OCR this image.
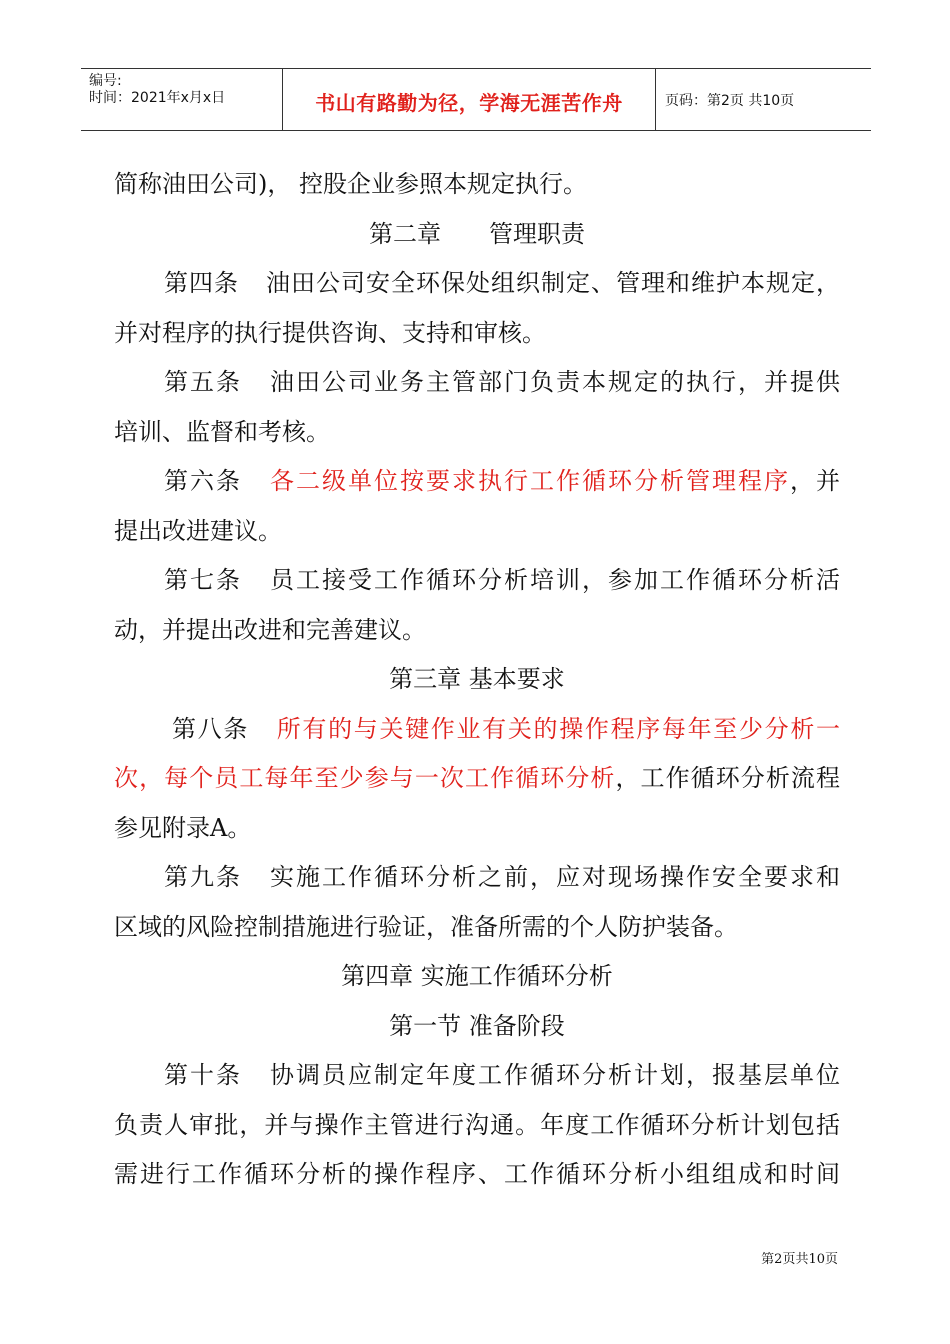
编号:
时间：2021年x月x日	书山有路勤为径，学海无涯苦作舟	页码：第2页 共10页
简称油田公司)， 控股企业参照本规定执行。
第二章　　管理职责
第四条 油田公司安全环保处组织制定、管理和维护本规定，
并对程序的执行提供咨询、支持和审核。
第五条 油田公司业务主管部门负责本规定的执行，并提供
培训、监督和考核。
第六条 各二级单位按要求执行工作循环分析管理程序，并
提出改进建议。
第七条 员工接受工作循环分析培训，参加工作循环分析活
动，并提出改进和完善建议。
第三章 基本要求
第八条 所有的与关键作业有关的操作程序每年至少分析一
次，每个员工每年至少参与一次工作循环分析，工作循环分析流程
参见附录A。
第九条 实施工作循环分析之前，应对现场操作安全要求和
区域的风险控制措施进行验证，准备所需的个人防护装备。
第四章 实施工作循环分析
第一节 准备阶段
第十条 协调员应制定年度工作循环分析计划，报基层单位
负责人审批，并与操作主管进行沟通。年度工作循环分析计划包括
需进行工作循环分析的操作程序、工作循环分析小组组成和时间
第2页共10页
